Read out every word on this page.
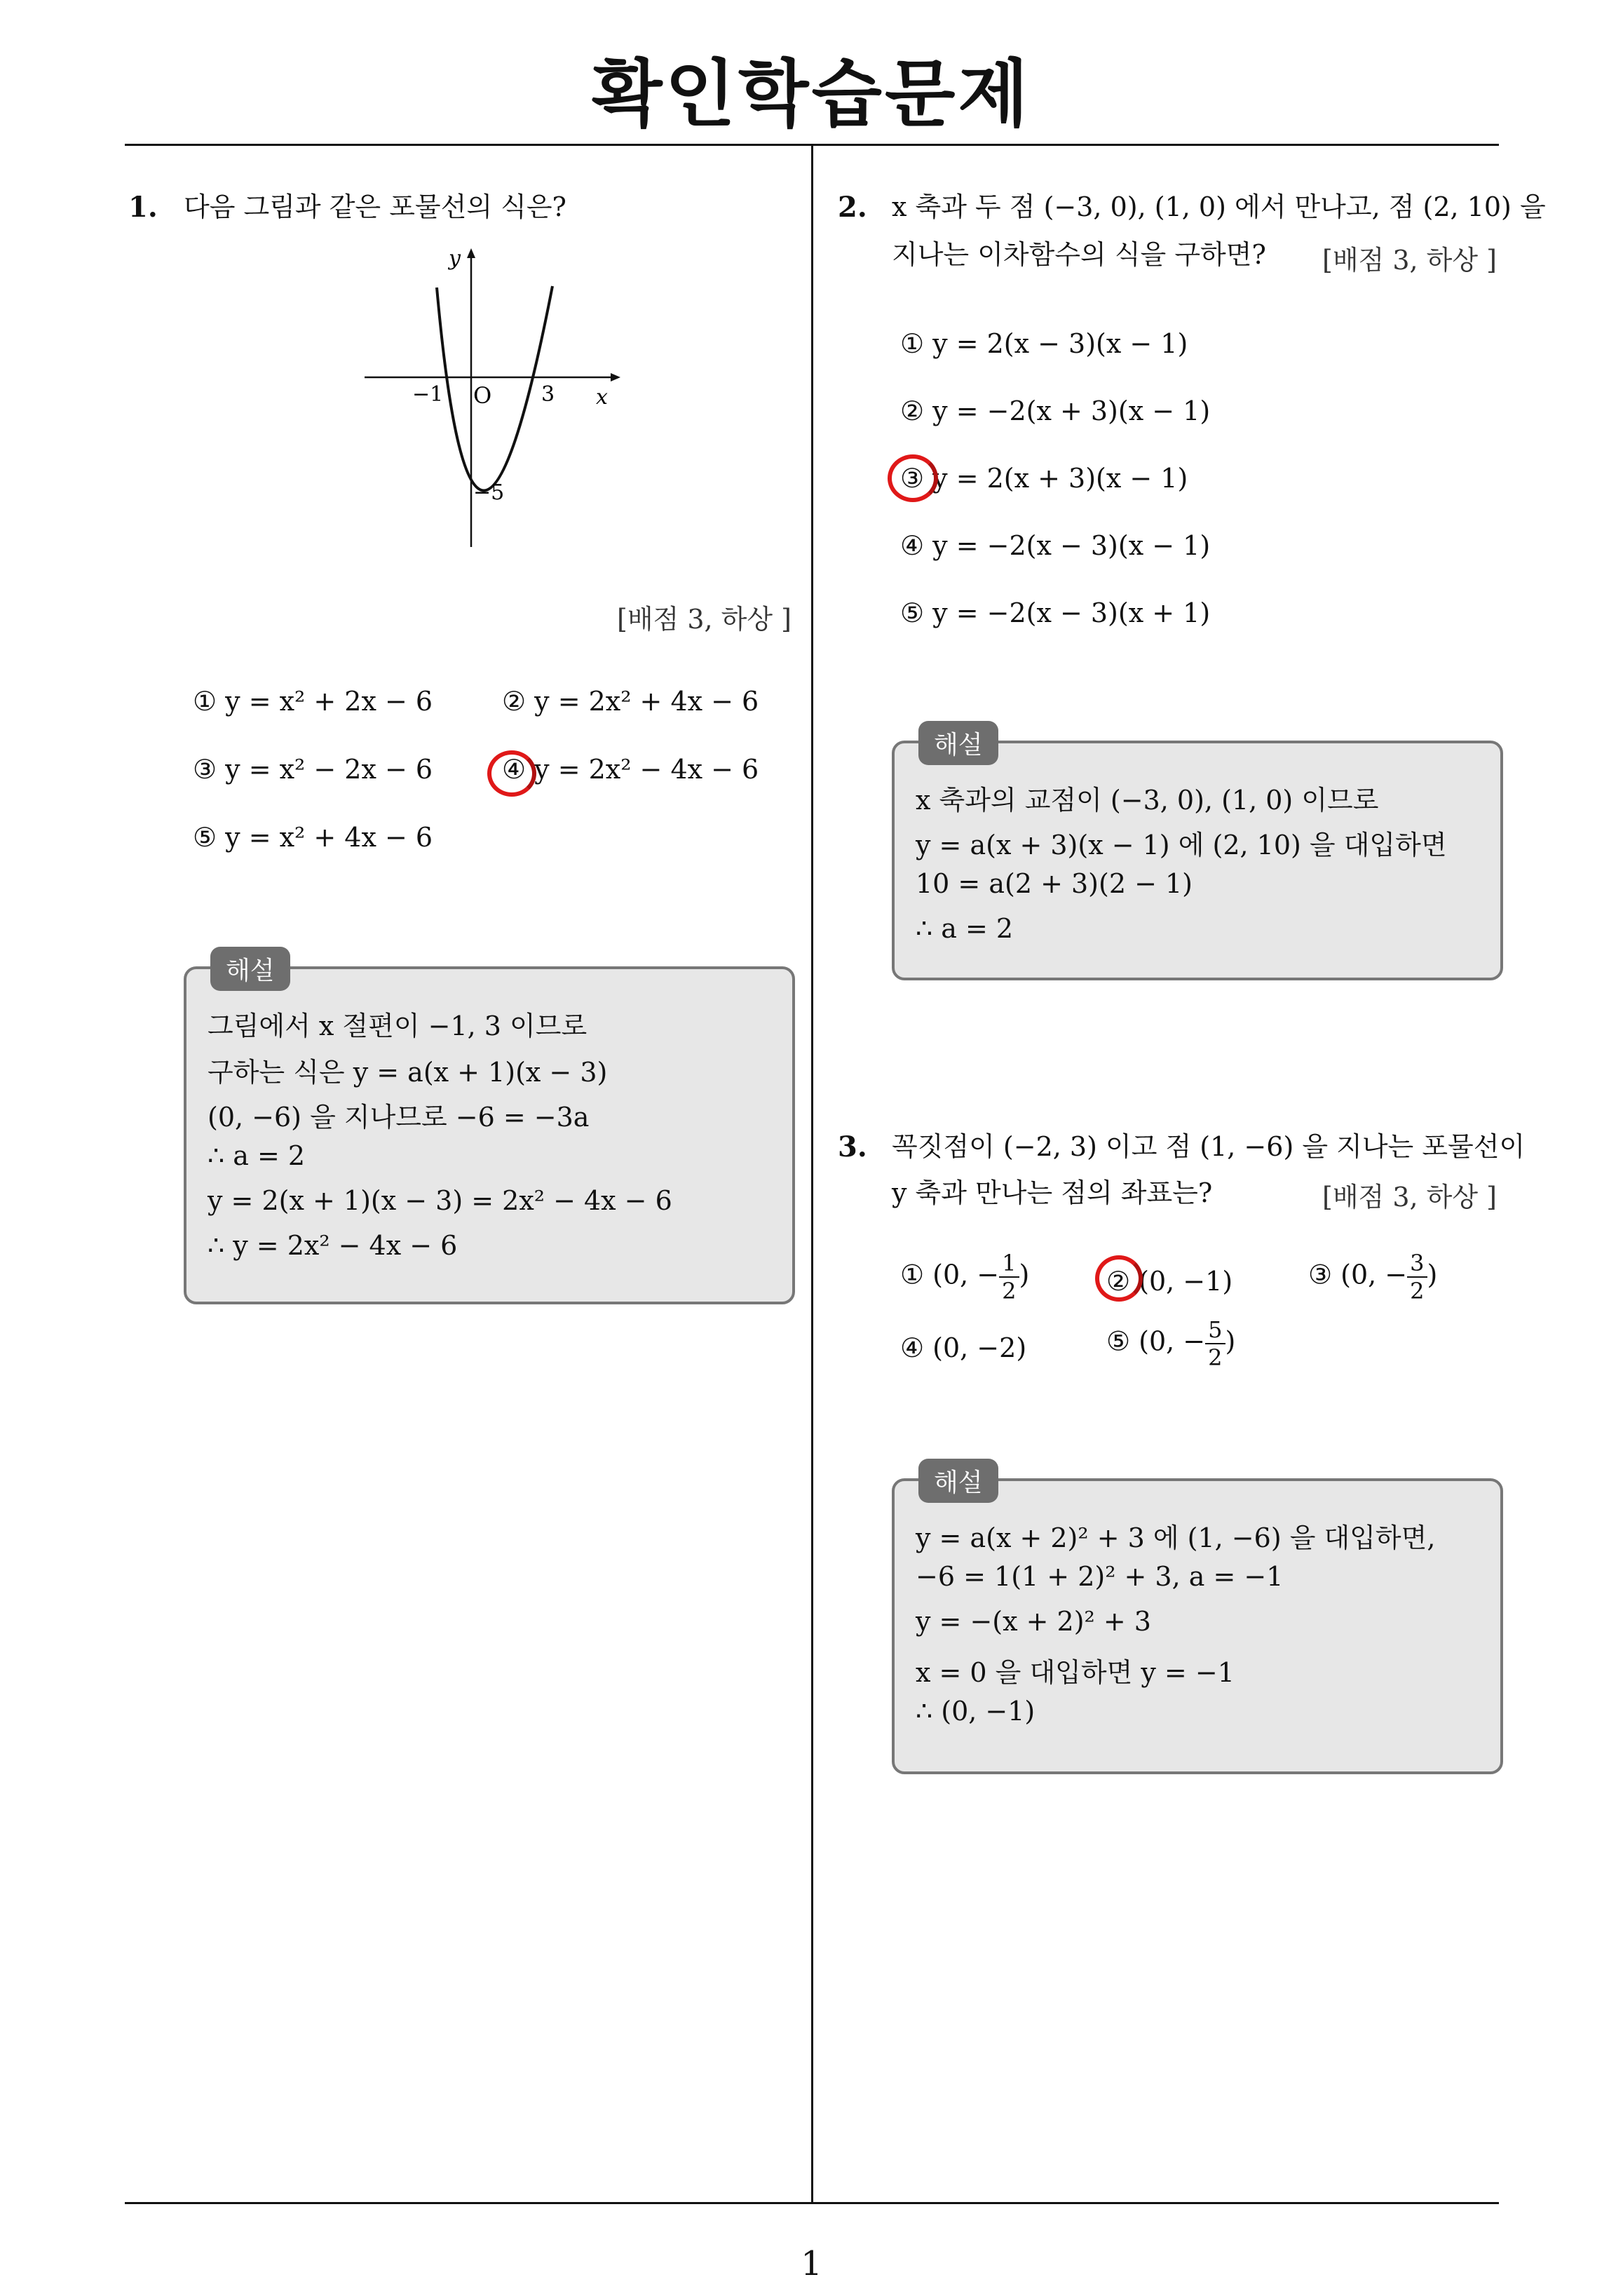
확인학습문제
1
1. 다음 그림과 같은 포물선의 식은?
y
x
O
−1	3
−5
[배점 3, 하상 ]
① y = x² + 2x − 6	② y = 2x² + 4x − 6
③ y = x² − 2x − 6	④ y = 2x² − 4x − 6
⑤ y = x² + 4x − 6
그림에서 x 절편이 −1, 3 이므로
구하는 식은 y = a(x + 1)(x − 3)
(0, −6) 을 지나므로 −6 = −3a
∴ a = 2
y = 2(x + 1)(x − 3) = 2x² − 4x − 6
∴ y = 2x² − 4x − 6
해설
2. x 축과 두 점 (−3, 0), (1, 0) 에서 만나고, 점 (2, 10) 을
지나는 이차함수의 식을 구하면? [배점 3, 하상 ]
① y = 2(x − 3)(x − 1)
② y = −2(x + 3)(x − 1)
③ y = 2(x + 3)(x − 1)
④ y = −2(x − 3)(x − 1)
⑤ y = −2(x − 3)(x + 1)
x 축과의 교점이 (−3, 0), (1, 0) 이므로
y = a(x + 3)(x − 1) 에 (2, 10) 을 대입하면
10 = a(2 + 3)(2 − 1)
∴ a = 2
해설
3. 꼭짓점이 (−2, 3) 이고 점 (1, −6) 을 지나는 포물선이
y 축과 만나는 점의 좌표는?	[배점 3, 하상 ]
① (0, − $\frac{1}{2}$ )	② (0, −1)	③ (0, − $\frac{3}{2}$ )
④ (0, −2)	⑤ (0, − $\frac{5}{2}$ )
y = a(x + 2)² + 3 에 (1, −6) 을 대입하면,
−6 = 1(1 + 2)² + 3, a = −1
y = −(x + 2)² + 3
x = 0 을 대입하면 y = −1
∴ (0, −1)
해설
